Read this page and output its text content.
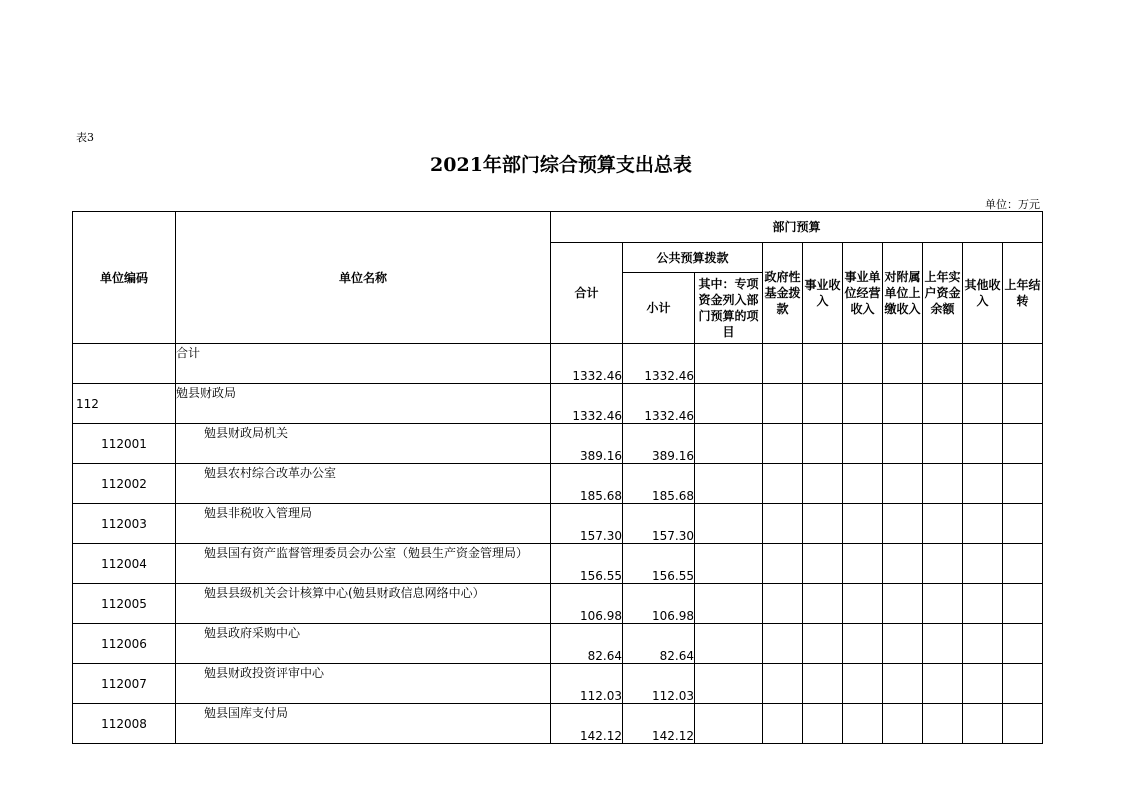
表3
2021年部门综合预算支出总表
单位：万元
单位编码	单位名称	部门预算									
		合计	公共预算拨款		政府性基金拨款	事业收入	事业单位经营收入	对附属单位上缴收入	上年实户资金余额	其他收入	上年结转
			小计	其中：专项资金列入部门预算的项目							
	合计	1332.46	1332.46								
112	勉县财政局	1332.46	1332.46								
112001	勉县财政局机关	389.16	389.16								
112002	勉县农村综合改革办公室	185.68	185.68								
112003	勉县非税收入管理局	157.30	157.30								
112004	勉县国有资产监督管理委员会办公室（勉县生产资金管理局）	156.55	156.55								
112005	勉县县级机关会计核算中心(勉县财政信息网络中心）	106.98	106.98								
112006	勉县政府采购中心	82.64	82.64								
112007	勉县财政投资评审中心	112.03	112.03								
112008	勉县国库支付局	142.12	142.12								
